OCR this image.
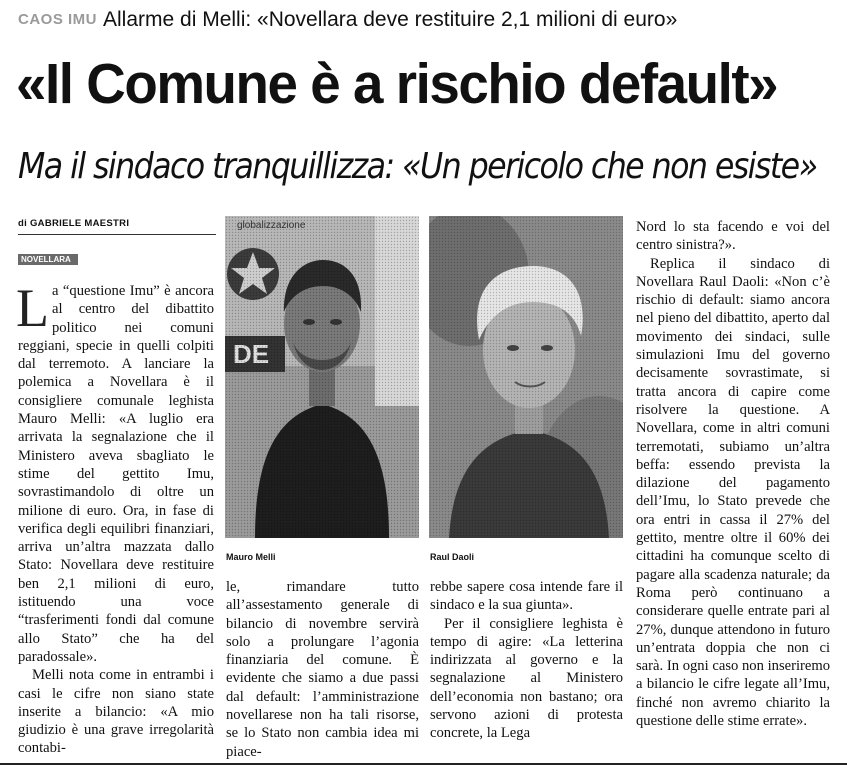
CAOS IMU Allarme di Melli: «Novellara deve restituire 2,1 milioni di euro»
«Il Comune è a rischio default»
Ma il sindaco tranquillizza: «Un pericolo che non esiste»
di GABRIELE MAESTRI
NOVELLARA

La “questione Imu” è ancora al centro del dibattito politico nei comuni reggiani, specie in quelli colpiti dal terremoto. A lanciare la polemica a Novellara è il consigliere comunale leghista Mauro Melli: «A luglio era arrivata la segnalazione che il Ministero aveva sbagliato le stime del gettito Imu, sovrastimandolo di oltre un milione di euro. Ora, in fase di verifica degli equilibri finanziari, arriva un’altra mazzata dallo Stato: Novellara deve restituire ben 2,1 milioni di euro, istituendo una voce “trasferimenti fondi dal comune allo Stato” che ha del paradossale».

Melli nota come in entrambi i casi le cifre non siano state inserite a bilancio: «A mio giudizio è una grave irregolarità contabi-

globalizzazione
Mauro Melli	Raul Daoli

le, rimandare tutto all’assestamento generale di bilancio di novembre servirà solo a prolungare l’agonia finanziaria del comune. È evidente che siamo a due passi dal default: l’amministrazione novellarese non ha tali risorse, se lo Stato non cambia idea mi piace-

rebbe sapere cosa intende fare il sindaco e la sua giunta».

Per il consigliere leghista è tempo di agire: «La letterina indirizzata al governo e la segnalazione al Ministero dell’economia non bastano; ora servono azioni di protesta concrete, la Lega

Nord lo sta facendo e voi del centro sinistra?».

Replica il sindaco di Novellara Raul Daoli: «Non c’è rischio di default: siamo ancora nel pieno del dibattito, aperto dal movimento dei sindaci, sulle simulazioni Imu del governo decisamente sovrastimate, si tratta ancora di capire come risolvere la questione. A Novellara, come in altri comuni terremotati, subiamo un’altra beffa: essendo prevista la dilazione del pagamento dell’Imu, lo Stato prevede che ora entri in cassa il 27% del gettito, mentre oltre il 60% dei cittadini ha comunque scelto di pagare alla scadenza naturale; da Roma però continuano a considerare quelle entrate pari al 27%, dunque attendono in futuro un’entrata doppia che non ci sarà. In ogni caso non inseriremo a bilancio le cifre legate all’Imu, finché non avremo chiarito la questione delle stime errate».
